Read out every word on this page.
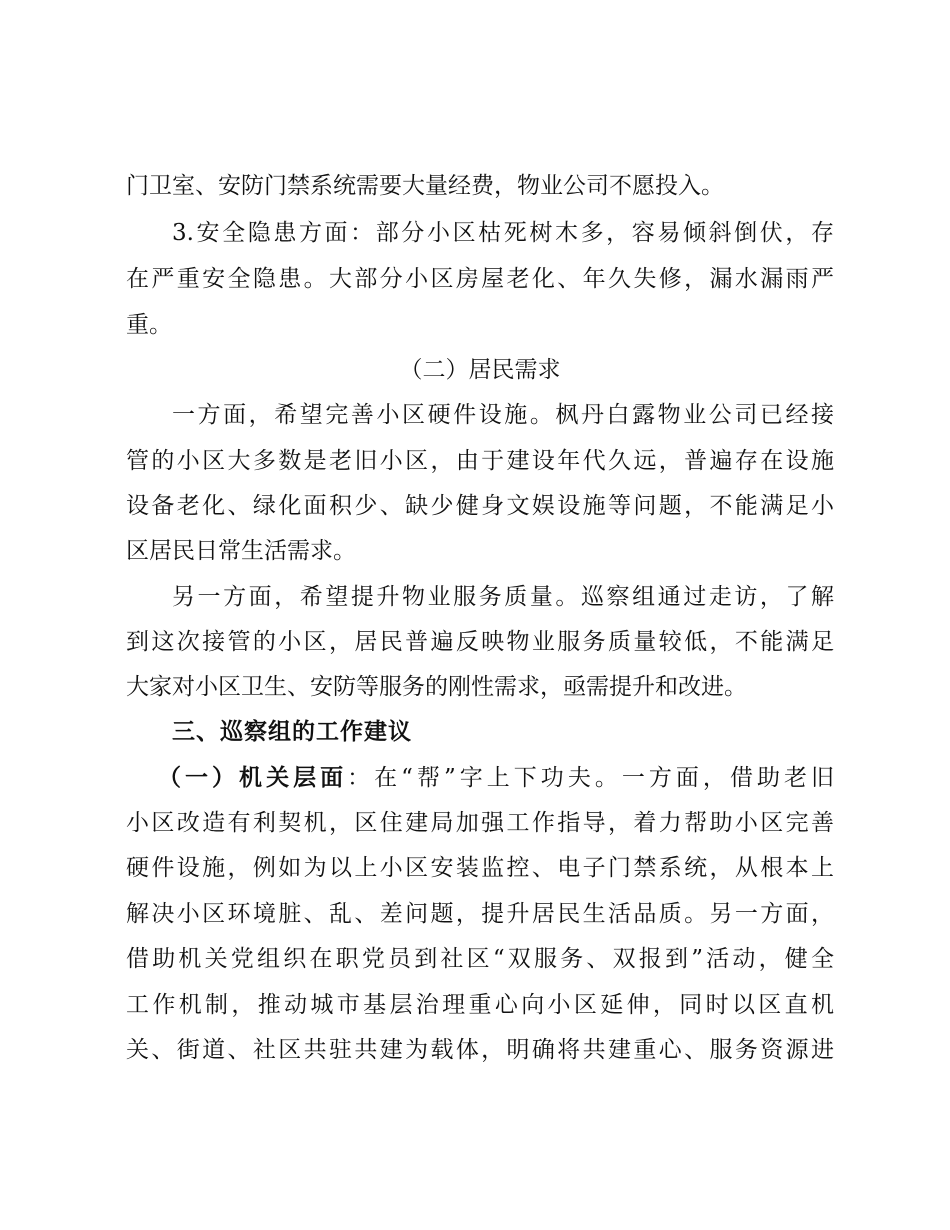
门卫室、安防门禁系统需要大量经费，物业公司不愿投入。
3.安全隐患方面：部分小区枯死树木多，容易倾斜倒伏，存
在严重安全隐患。大部分小区房屋老化、年久失修，漏水漏雨严
重。
（二）居民需求
一方面，希望完善小区硬件设施。枫丹白露物业公司已经接
管的小区大多数是老旧小区，由于建设年代久远，普遍存在设施
设备老化、绿化面积少、缺少健身文娱设施等问题，不能满足小
区居民日常生活需求。
另一方面，希望提升物业服务质量。巡察组通过走访，了解
到这次接管的小区，居民普遍反映物业服务质量较低，不能满足
大家对小区卫生、安防等服务的刚性需求，亟需提升和改进。
三、巡察组的工作建议
（一）机关层面：在“帮”字上下功夫。一方面，借助老旧
小区改造有利契机，区住建局加强工作指导，着力帮助小区完善
硬件设施，例如为以上小区安装监控、电子门禁系统，从根本上
解决小区环境脏、乱、差问题，提升居民生活品质。另一方面，
借助机关党组织在职党员到社区“双服务、双报到”活动，健全
工作机制，推动城市基层治理重心向小区延伸，同时以区直机
关、街道、社区共驻共建为载体，明确将共建重心、服务资源进
